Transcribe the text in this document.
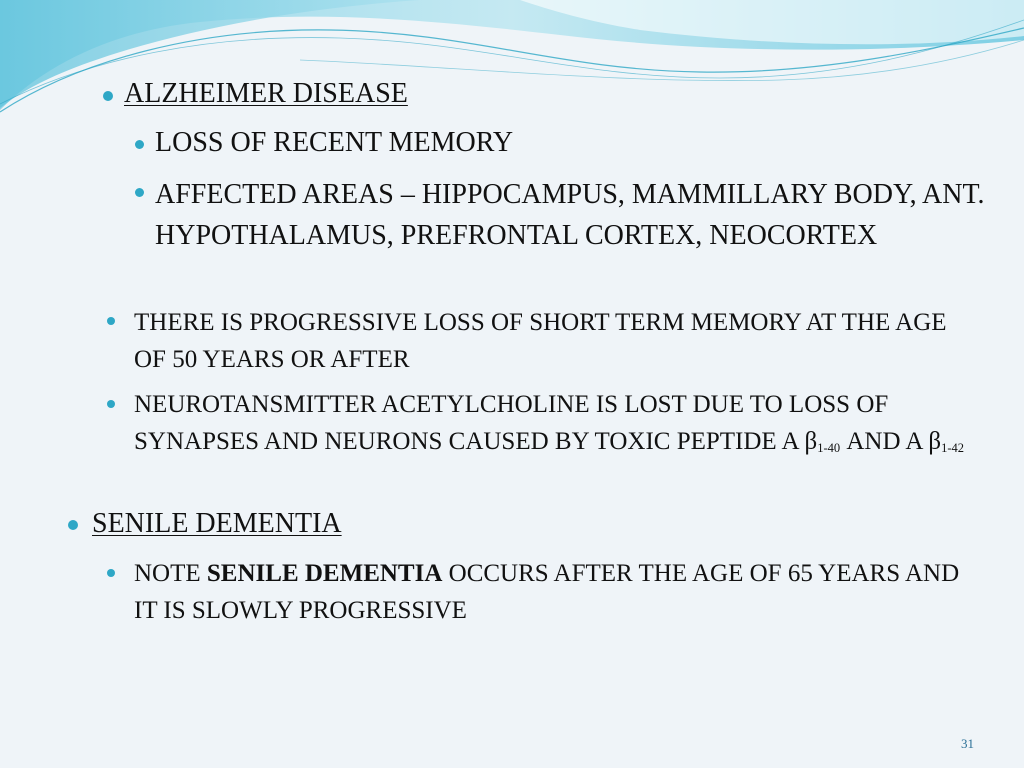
ALZHEIMER DISEASE
LOSS OF RECENT MEMORY
AFFECTED AREAS – HIPPOCAMPUS, MAMMILLARY BODY, ANT. HYPOTHALAMUS, PREFRONTAL CORTEX, NEOCORTEX
THERE IS PROGRESSIVE LOSS OF SHORT TERM MEMORY AT THE AGE OF 50 YEARS OR AFTER
NEUROTANSMITTER ACETYLCHOLINE IS LOST DUE TO LOSS OF SYNAPSES AND NEURONS CAUSED BY TOXIC PEPTIDE A $\beta_{1-40}$ AND A $\beta_{1-42}$
SENILE DEMENTIA
NOTE SENILE DEMENTIA OCCURS AFTER THE AGE OF 65 YEARS AND IT IS SLOWLY PROGRESSIVE
31
